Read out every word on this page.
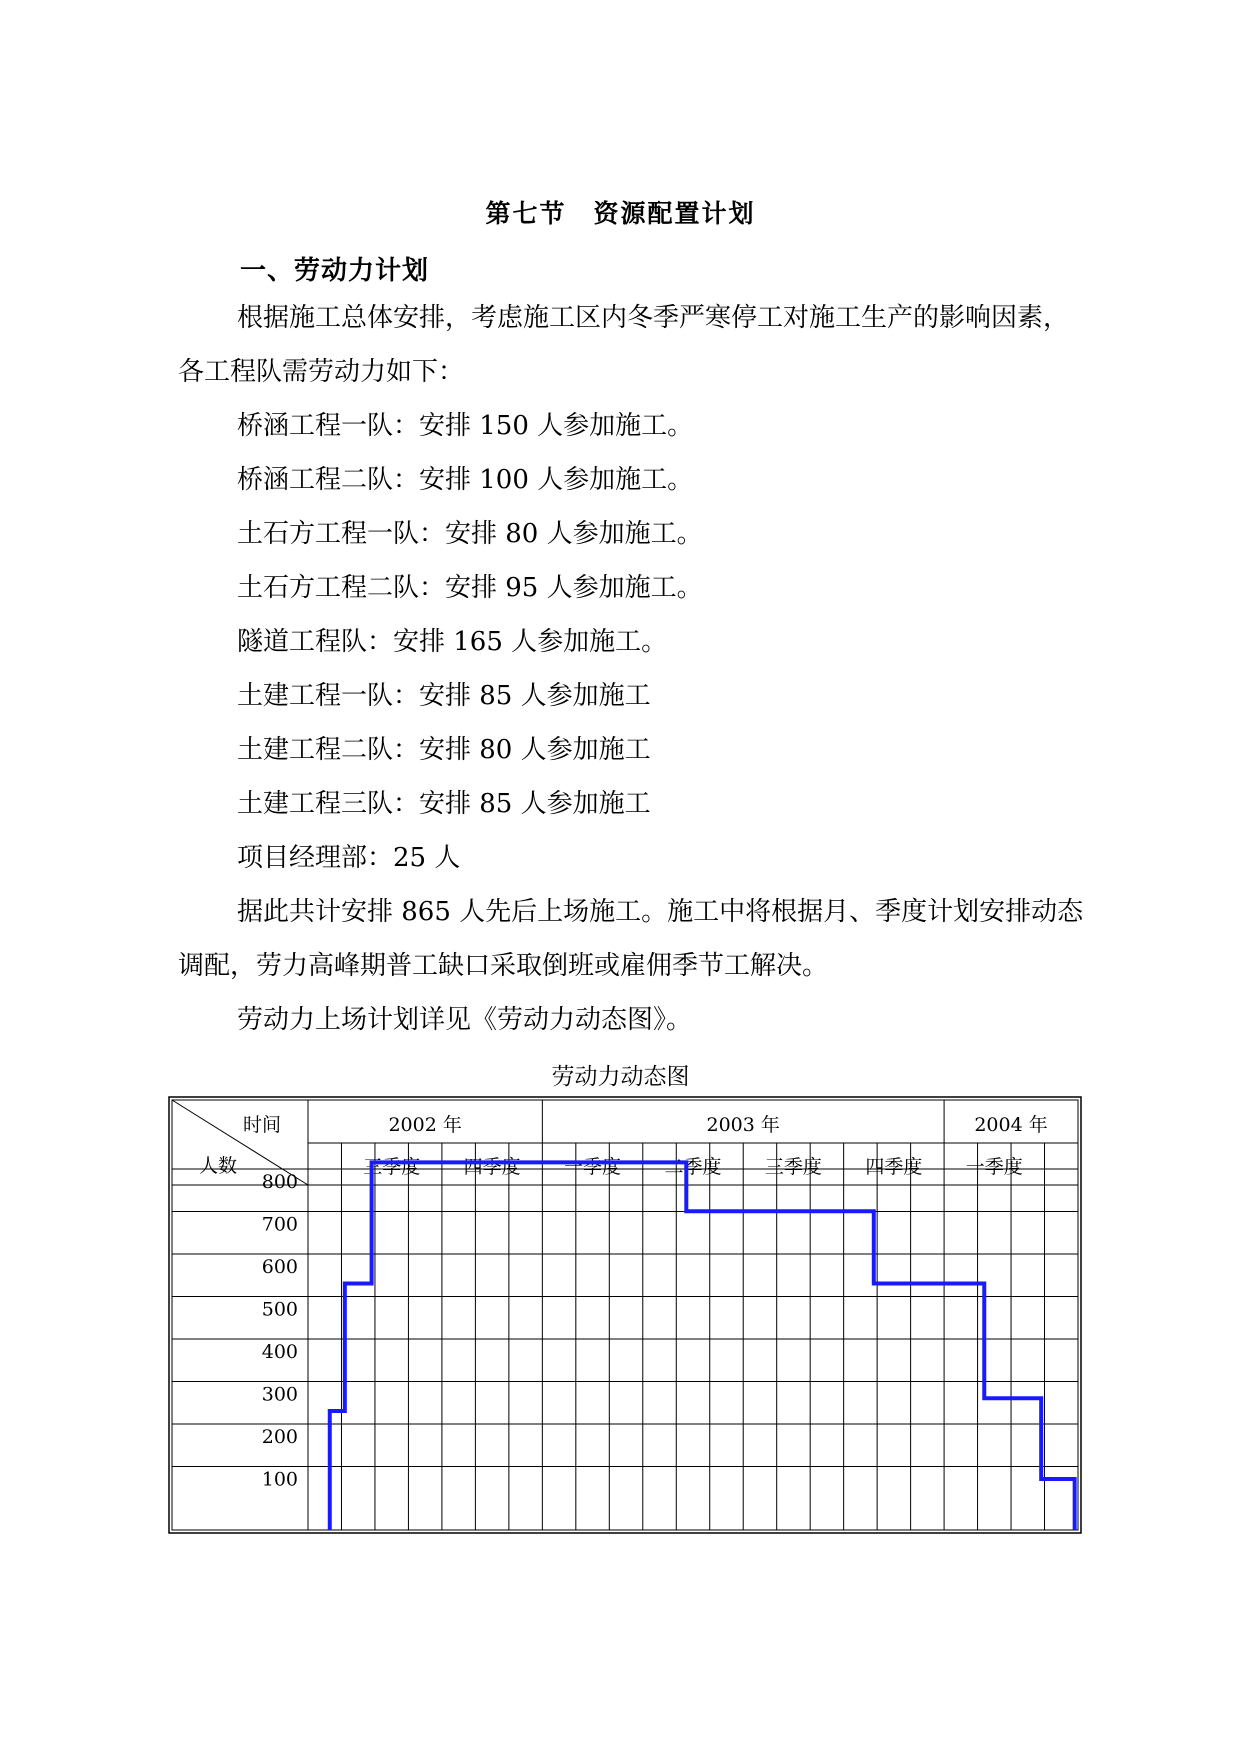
第七节　资源配置计划
一、劳动力计划

根据施工总体安排，考虑施工区内冬季严寒停工对施工生产的影响因素，各工程队需劳动力如下：

桥涵工程一队：安排 150 人参加施工。

桥涵工程二队：安排 100 人参加施工。

土石方工程一队：安排 80 人参加施工。

土石方工程二队：安排 95 人参加施工。

隧道工程队：安排 165 人参加施工。

土建工程一队：安排 85 人参加施工

土建工程二队：安排 80 人参加施工

土建工程三队：安排 85 人参加施工

项目经理部：25 人

据此共计安排 865 人先后上场施工。施工中将根据月、季度计划安排动态调配，劳力高峰期普工缺口采取倒班或雇佣季节工解决。

劳动力上场计划详见《劳动力动态图》。

劳动力动态图
时间
人数
2002 年	2003 年	2004 年
三季度 四季度 一季度 二季度 三季度 四季度 一季度
100
200
300
400
500
600
700
800
